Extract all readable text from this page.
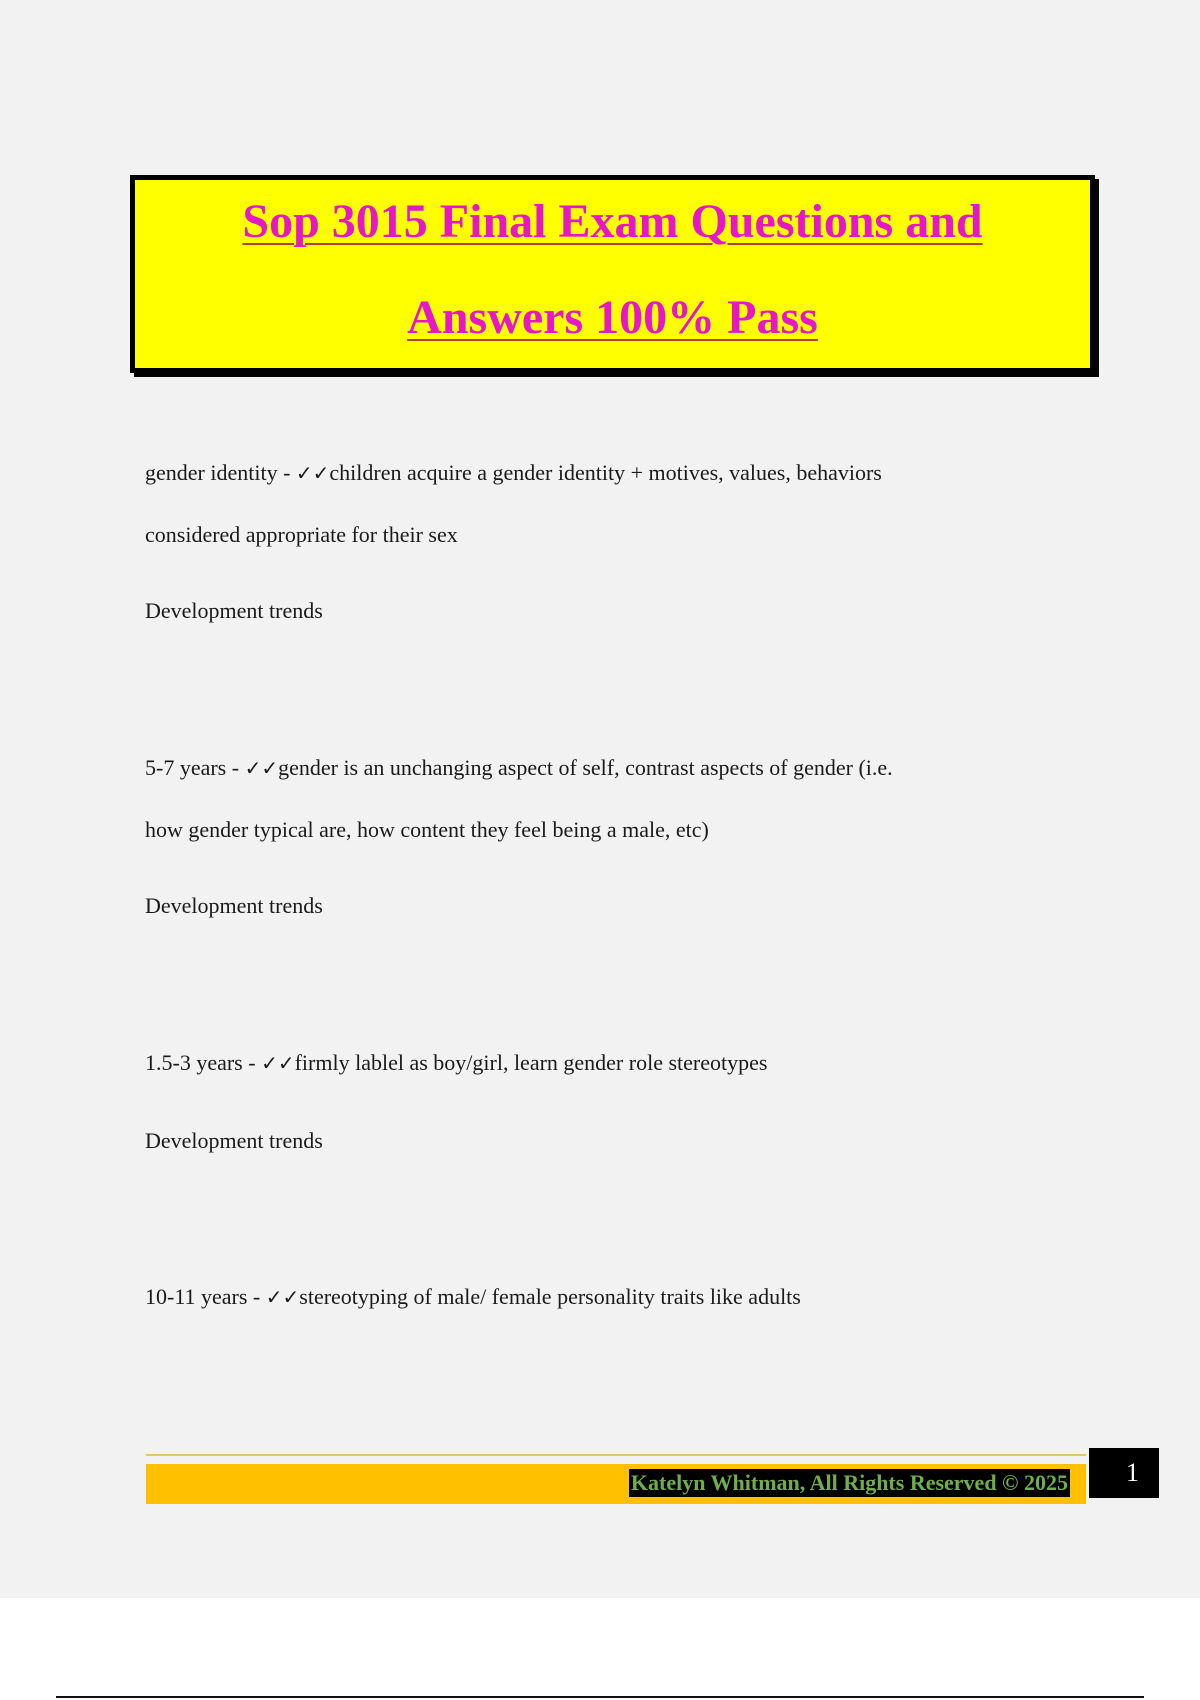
Sop 3015 Final Exam Questions and
Answers 100% Pass
gender identity - ✓✓children acquire a gender identity + motives, values, behaviors
considered appropriate for their sex
Development trends
5-7 years - ✓✓gender is an unchanging aspect of self, contrast aspects of gender (i.e.
how gender typical are, how content they feel being a male, etc)
Development trends
1.5-3 years - ✓✓firmly lablel as boy/girl, learn gender role stereotypes
Development trends
10-11 years - ✓✓stereotyping of male/ female personality traits like adults
Katelyn Whitman, All Rights Reserved © 2025	1
